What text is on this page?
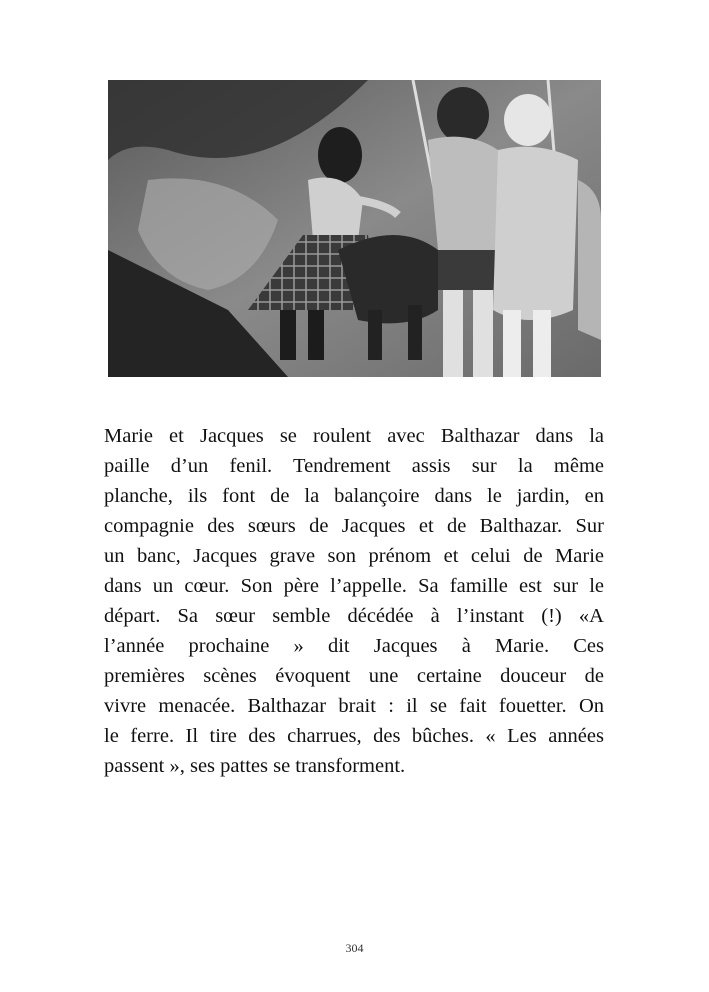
Marie et Jacques se roulent avec Balthazar dans la
paille d’un fenil. Tendrement assis sur la même
planche, ils font de la balançoire dans le jardin, en
compagnie des sœurs de Jacques et de Balthazar. Sur
un banc, Jacques grave son prénom et celui de Marie
dans un cœur. Son père l’appelle. Sa famille est sur le
départ. Sa sœur semble décédée à l’instant (!) «A
l’année prochaine » dit Jacques à Marie. Ces
premières scènes évoquent une certaine douceur de
vivre menacée. Balthazar brait : il se fait fouetter. On
le ferre. Il tire des charrues, des bûches. « Les années
passent », ses pattes se transforment.

304
